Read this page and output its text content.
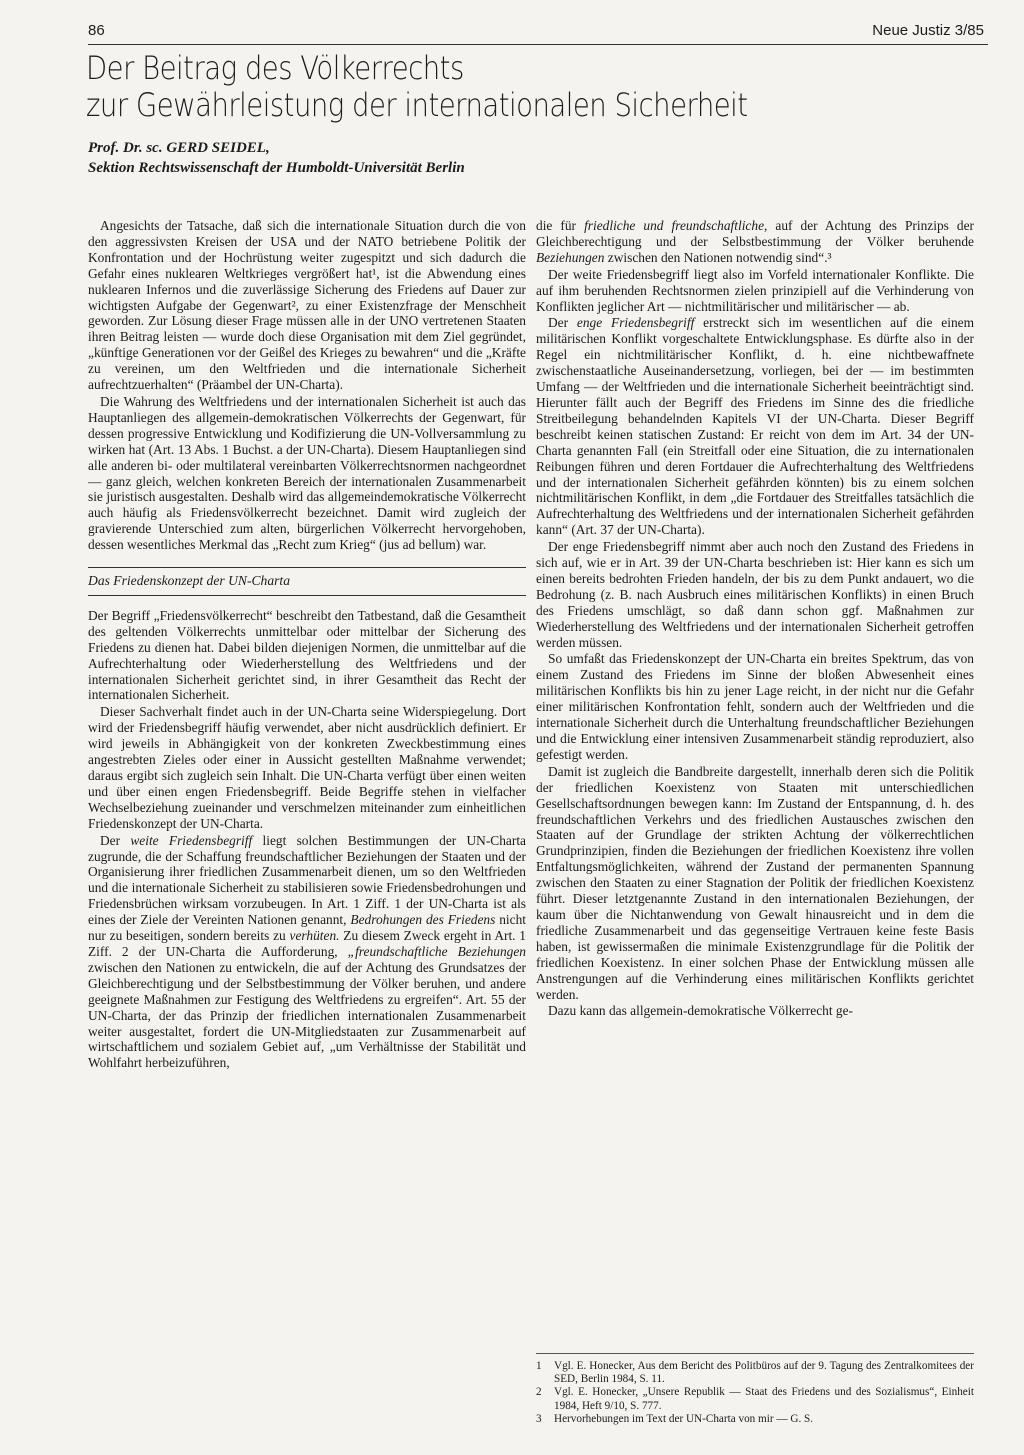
86	Neue Justiz 3/85
Der Beitrag des Völkerrechts
zur Gewährleistung der internationalen Sicherheit
Prof. Dr. sc. GERD SEIDEL,
Sektion Rechtswissenschaft der Humboldt-Universität Berlin

Angesichts der Tatsache, daß sich die internationale Situation durch die von den aggressivsten Kreisen der USA und der NATO betriebene Politik der Konfrontation und der Hochrüstung weiter zugespitzt und sich dadurch die Gefahr eines nuklearen Weltkrieges vergrößert hat¹, ist die Abwendung eines nuklearen Infernos und die zuverlässige Sicherung des Friedens auf Dauer zur wichtigsten Aufgabe der Gegenwart², zu einer Existenzfrage der Menschheit geworden. Zur Lösung dieser Frage müssen alle in der UNO vertretenen Staaten ihren Beitrag leisten — wurde doch diese Organisation mit dem Ziel gegründet, „künftige Generationen vor der Geißel des Krieges zu bewahren“ und die „Kräfte zu vereinen, um den Weltfrieden und die internationale Sicherheit aufrechtzuerhalten“ (Präambel der UN-Charta).

Die Wahrung des Weltfriedens und der internationalen Sicherheit ist auch das Hauptanliegen des allgemein-demokratischen Völkerrechts der Gegenwart, für dessen progressive Entwicklung und Kodifizierung die UN-Vollversammlung zu wirken hat (Art. 13 Abs. 1 Buchst. a der UN-Charta). Diesem Hauptanliegen sind alle anderen bi- oder multilateral vereinbarten Völkerrechtsnormen nachgeordnet — ganz gleich, welchen konkreten Bereich der internationalen Zusammenarbeit sie juristisch ausgestalten. Deshalb wird das allgemeindemokratische Völkerrecht auch häufig als Friedensvölkerrecht bezeichnet. Damit wird zugleich der gravierende Unterschied zum alten, bürgerlichen Völkerrecht hervorgehoben, dessen wesentliches Merkmal das „Recht zum Krieg“ (jus ad bellum) war.

Das Friedenskonzept der UN-Charta

Der Begriff „Friedensvölkerrecht“ beschreibt den Tatbestand, daß die Gesamtheit des geltenden Völkerrechts unmittelbar oder mittelbar der Sicherung des Friedens zu dienen hat. Dabei bilden diejenigen Normen, die unmittelbar auf die Aufrechterhaltung oder Wiederherstellung des Weltfriedens und der internationalen Sicherheit gerichtet sind, in ihrer Gesamtheit das Recht der internationalen Sicherheit.

Dieser Sachverhalt findet auch in der UN-Charta seine Widerspiegelung. Dort wird der Friedensbegriff häufig verwendet, aber nicht ausdrücklich definiert. Er wird jeweils in Abhängigkeit von der konkreten Zweckbestimmung eines angestrebten Zieles oder einer in Aussicht gestellten Maßnahme verwendet; daraus ergibt sich zugleich sein Inhalt. Die UN-Charta verfügt über einen weiten und über einen engen Friedensbegriff. Beide Begriffe stehen in vielfacher Wechselbeziehung zueinander und verschmelzen miteinander zum einheitlichen Friedenskonzept der UN-Charta.

Der weite Friedensbegriff liegt solchen Bestimmungen der UN-Charta zugrunde, die der Schaffung freundschaftlicher Beziehungen der Staaten und der Organisierung ihrer friedlichen Zusammenarbeit dienen, um so den Weltfrieden und die internationale Sicherheit zu stabilisieren sowie Friedensbedrohungen und Friedensbrüchen wirksam vorzubeugen. In Art. 1 Ziff. 1 der UN-Charta ist als eines der Ziele der Vereinten Nationen genannt, Bedrohungen des Friedens nicht nur zu beseitigen, sondern bereits zu verhüten. Zu diesem Zweck ergeht in Art. 1 Ziff. 2 der UN-Charta die Aufforderung, „freundschaftliche Beziehungen zwischen den Nationen zu entwickeln, die auf der Achtung des Grundsatzes der Gleichberechtigung und der Selbstbestimmung der Völker beruhen, und andere geeignete Maßnahmen zur Festigung des Weltfriedens zu ergreifen“. Art. 55 der UN-Charta, der das Prinzip der friedlichen internationalen Zusammenarbeit weiter ausgestaltet, fordert die UN-Mitgliedstaaten zur Zusammenarbeit auf wirtschaftlichem und sozialem Gebiet auf, „um Verhältnisse der Stabilität und Wohlfahrt herbeizuführen,

die für friedliche und freundschaftliche, auf der Achtung des Prinzips der Gleichberechtigung und der Selbstbestimmung der Völker beruhende Beziehungen zwischen den Nationen notwendig sind“.³

Der weite Friedensbegriff liegt also im Vorfeld internationaler Konflikte. Die auf ihm beruhenden Rechtsnormen zielen prinzipiell auf die Verhinderung von Konflikten jeglicher Art — nichtmilitärischer und militärischer — ab.

Der enge Friedensbegriff erstreckt sich im wesentlichen auf die einem militärischen Konflikt vorgeschaltete Entwicklungsphase. Es dürfte also in der Regel ein nichtmilitärischer Konflikt, d. h. eine nichtbewaffnete zwischenstaatliche Auseinandersetzung, vorliegen, bei der — im bestimmten Umfang — der Weltfrieden und die internationale Sicherheit beeinträchtigt sind. Hierunter fällt auch der Begriff des Friedens im Sinne des die friedliche Streitbeilegung behandelnden Kapitels VI der UN-Charta. Dieser Begriff beschreibt keinen statischen Zustand: Er reicht von dem im Art. 34 der UN-Charta genannten Fall (ein Streitfall oder eine Situation, die zu internationalen Reibungen führen und deren Fortdauer die Aufrechterhaltung des Weltfriedens und der internationalen Sicherheit gefährden könnten) bis zu einem solchen nichtmilitärischen Konflikt, in dem „die Fortdauer des Streitfalles tatsächlich die Aufrechterhaltung des Weltfriedens und der internationalen Sicherheit gefährden kann“ (Art. 37 der UN-Charta).

Der enge Friedensbegriff nimmt aber auch noch den Zustand des Friedens in sich auf, wie er in Art. 39 der UN-Charta beschrieben ist: Hier kann es sich um einen bereits bedrohten Frieden handeln, der bis zu dem Punkt andauert, wo die Bedrohung (z. B. nach Ausbruch eines militärischen Konflikts) in einen Bruch des Friedens umschlägt, so daß dann schon ggf. Maßnahmen zur Wiederherstellung des Weltfriedens und der internationalen Sicherheit getroffen werden müssen.

So umfaßt das Friedenskonzept der UN-Charta ein breites Spektrum, das von einem Zustand des Friedens im Sinne der bloßen Abwesenheit eines militärischen Konflikts bis hin zu jener Lage reicht, in der nicht nur die Gefahr einer militärischen Konfrontation fehlt, sondern auch der Weltfrieden und die internationale Sicherheit durch die Unterhaltung freundschaftlicher Beziehungen und die Entwicklung einer intensiven Zusammenarbeit ständig reproduziert, also gefestigt werden.

Damit ist zugleich die Bandbreite dargestellt, innerhalb deren sich die Politik der friedlichen Koexistenz von Staaten mit unterschiedlichen Gesellschaftsordnungen bewegen kann: Im Zustand der Entspannung, d. h. des freundschaftlichen Verkehrs und des friedlichen Austausches zwischen den Staaten auf der Grundlage der strikten Achtung der völkerrechtlichen Grundprinzipien, finden die Beziehungen der friedlichen Koexistenz ihre vollen Entfaltungsmöglichkeiten, während der Zustand der permanenten Spannung zwischen den Staaten zu einer Stagnation der Politik der friedlichen Koexistenz führt. Dieser letztgenannte Zustand in den internationalen Beziehungen, der kaum über die Nichtanwendung von Gewalt hinausreicht und in dem die friedliche Zusammenarbeit und das gegenseitige Vertrauen keine feste Basis haben, ist gewissermaßen die minimale Existenzgrundlage für die Politik der friedlichen Koexistenz. In einer solchen Phase der Entwicklung müssen alle Anstrengungen auf die Verhinderung eines militärischen Konflikts gerichtet werden.

Dazu kann das allgemein-demokratische Völkerrecht ge-

1	Vgl. E. Honecker, Aus dem Bericht des Politbüros auf der 9. Tagung des Zentralkomitees der SED, Berlin 1984, S. 11.
2	Vgl. E. Honecker, „Unsere Republik — Staat des Friedens und des Sozialismus“, Einheit 1984, Heft 9/10, S. 777.
3	Hervorhebungen im Text der UN-Charta von mir — G. S.
